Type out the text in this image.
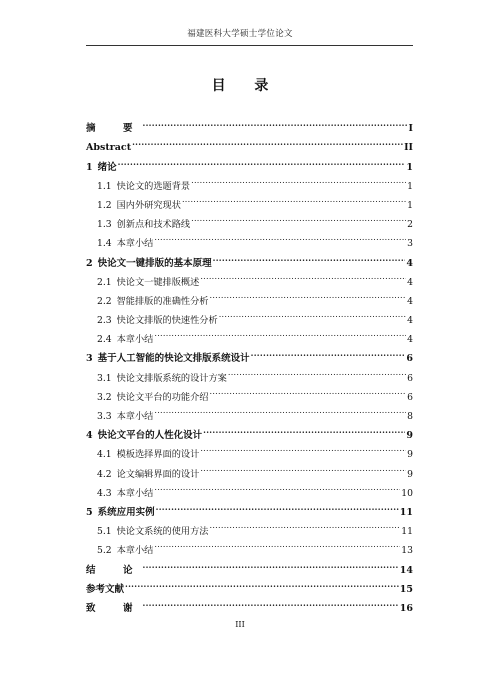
福建医科大学硕士学位论文
目 录
摘　要 .....	I
Abstract .....	II
1 绪论 .....	1
1.1 快论文的选题背景 .....	1
1.2 国内外研究现状 .....	1
1.3 创新点和技术路线 .....	2
1.4 本章小结 .....	3
2 快论文一键排版的基本原理 .....	4
2.1 快论文一键排版概述 .....	4
2.2 智能排版的准确性分析 .....	4
2.3 快论文排版的快速性分析 .....	4
2.4 本章小结 .....	4
3 基于人工智能的快论文排版系统设计 .....	6
3.1 快论文排版系统的设计方案 .....	6
3.2 快论文平台的功能介绍 .....	6
3.3 本章小结 .....	8
4 快论文平台的人性化设计 .....	9
4.1 模板选择界面的设计 .....	9
4.2 论文编辑界面的设计 .....	9
4.3 本章小结 .....	10
5 系统应用实例 .....	11
5.1 快论文系统的使用方法 .....	11
5.2 本章小结 .....	13
结　论 .....	14
参考文献 .....	15
致　谢 .....	16
III
